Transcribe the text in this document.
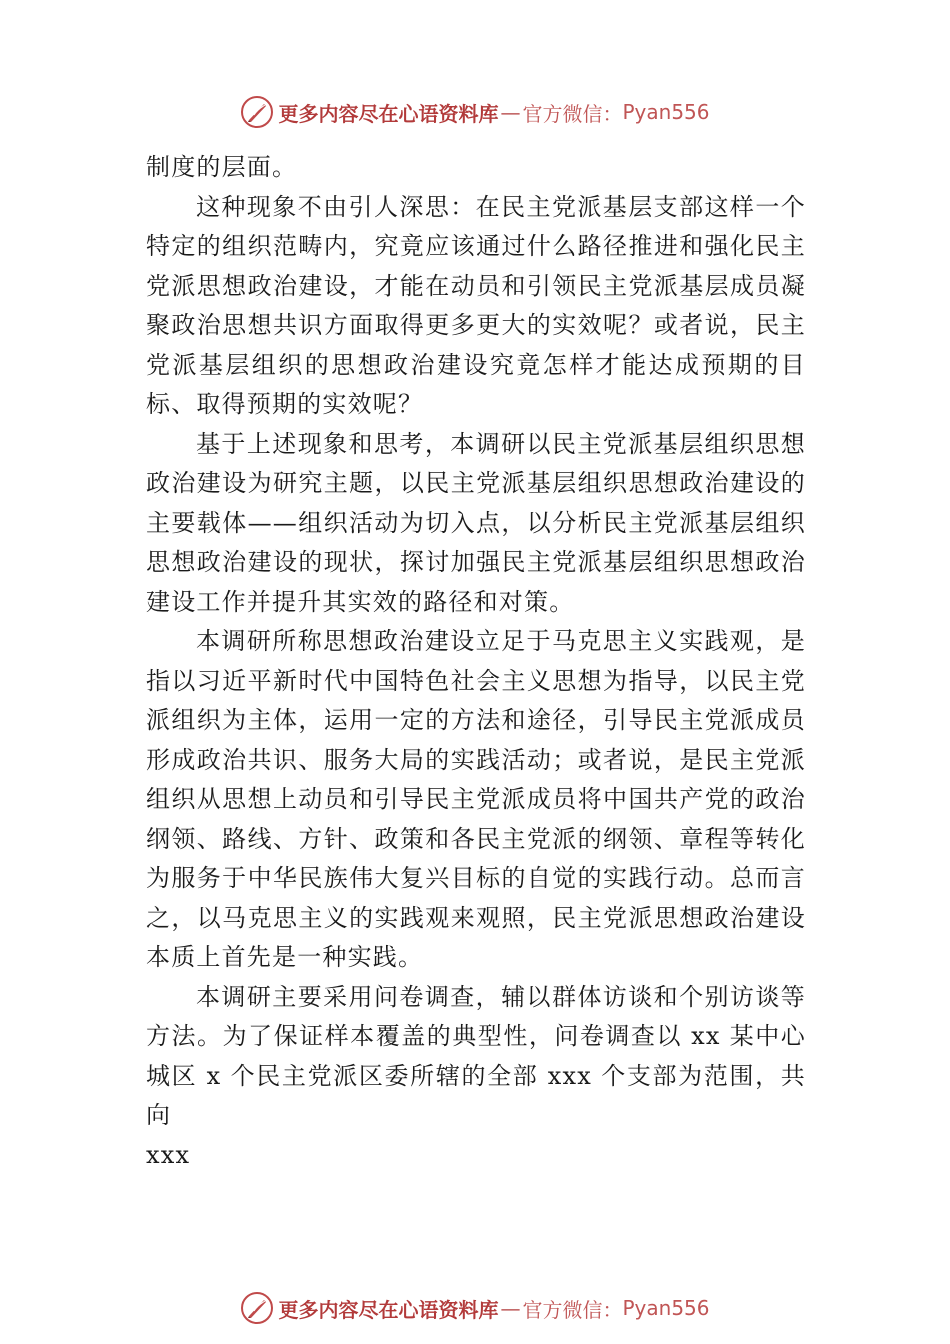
更多内容尽在心语资料库 — 官方微信： Pyan556

制度的层面。

这种现象不由引人深思：在民主党派基层支部这样一个特定的组织范畴内，究竟应该通过什么路径推进和强化民主党派思想政治建设，才能在动员和引领民主党派基层成员凝聚政治思想共识方面取得更多更大的实效呢？或者说，民主党派基层组织的思想政治建设究竟怎样才能达成预期的目标、取得预期的实效呢？

基于上述现象和思考，本调研以民主党派基层组织思想政治建设为研究主题，以民主党派基层组织思想政治建设的主要载体——组织活动为切入点，以分析民主党派基层组织思想政治建设的现状，探讨加强民主党派基层组织思想政治建设工作并提升其实效的路径和对策。

本调研所称思想政治建设立足于马克思主义实践观，是指以习近平新时代中国特色社会主义思想为指导，以民主党派组织为主体，运用一定的方法和途径，引导民主党派成员形成政治共识、服务大局的实践活动；或者说，是民主党派组织从思想上动员和引导民主党派成员将中国共产党的政治纲领、路线、方针、政策和各民主党派的纲领、章程等转化为服务于中华民族伟大复兴目标的自觉的实践行动。总而言之，以马克思主义的实践观来观照，民主党派思想政治建设本质上首先是一种实践。

本调研主要采用问卷调查，辅以群体访谈和个别访谈等方法。为了保证样本覆盖的典型性，问卷调查以 xx 某中心城区 x 个民主党派区委所辖的全部 xxx 个支部为范围，共向

xxx

更多内容尽在心语资料库 — 官方微信： Pyan556
